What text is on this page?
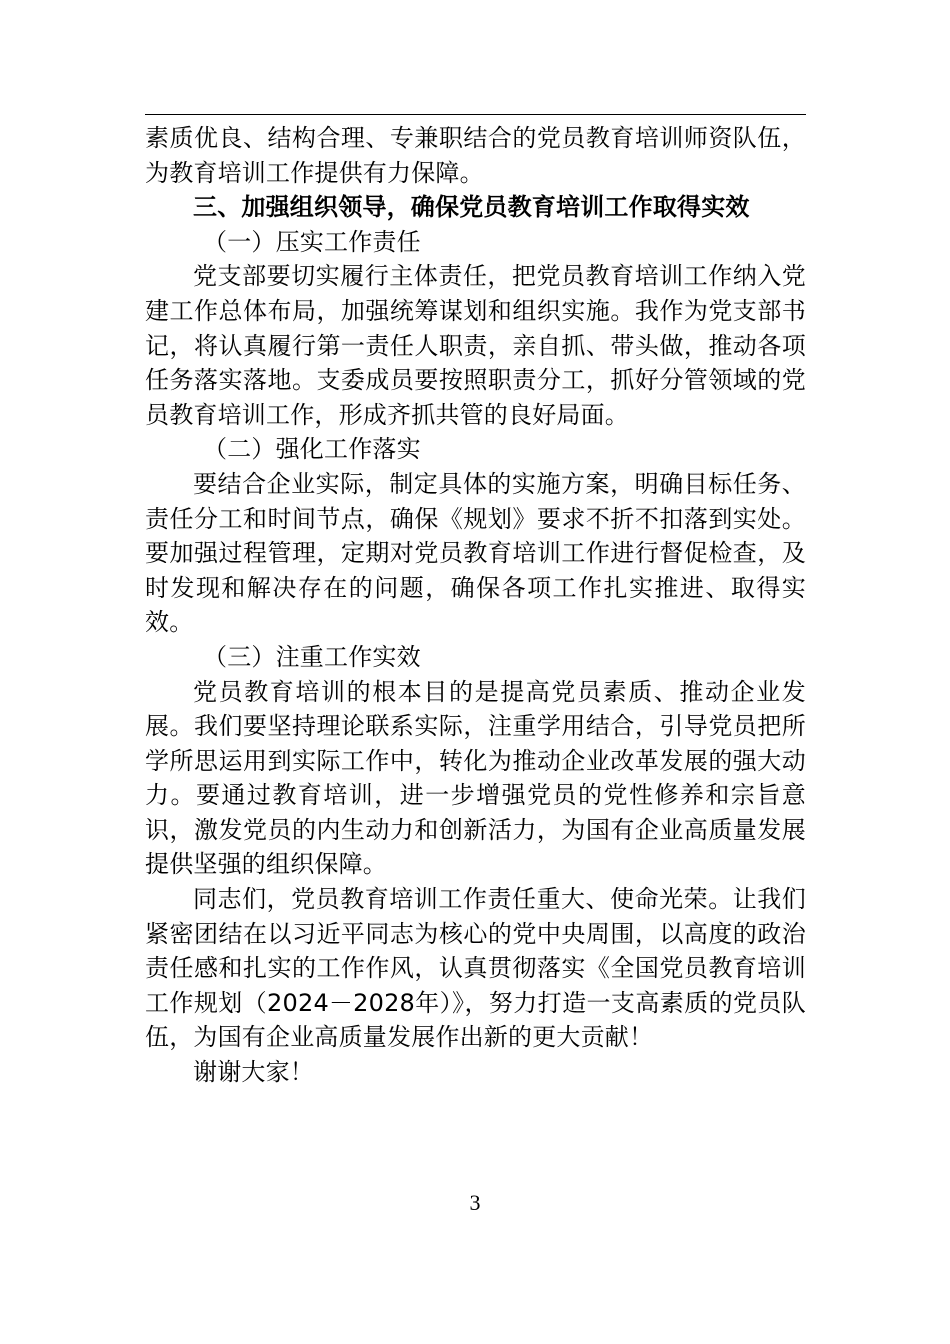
素质优良、结构合理、专兼职结合的党员教育培训师资队伍，为教育培训工作提供有力保障。

三、加强组织领导，确保党员教育培训工作取得实效

（一）压实工作责任

党支部要切实履行主体责任，把党员教育培训工作纳入党建工作总体布局，加强统筹谋划和组织实施。我作为党支部书记，将认真履行第一责任人职责，亲自抓、带头做，推动各项任务落实落地。支委成员要按照职责分工，抓好分管领域的党员教育培训工作，形成齐抓共管的良好局面。

（二）强化工作落实

要结合企业实际，制定具体的实施方案，明确目标任务、责任分工和时间节点，确保《规划》要求不折不扣落到实处。要加强过程管理，定期对党员教育培训工作进行督促检查，及时发现和解决存在的问题，确保各项工作扎实推进、取得实效。

（三）注重工作实效

党员教育培训的根本目的是提高党员素质、推动企业发展。我们要坚持理论联系实际，注重学用结合，引导党员把所学所思运用到实际工作中，转化为推动企业改革发展的强大动力。要通过教育培训，进一步增强党员的党性修养和宗旨意识，激发党员的内生动力和创新活力，为国有企业高质量发展提供坚强的组织保障。

同志们，党员教育培训工作责任重大、使命光荣。让我们紧密团结在以习近平同志为核心的党中央周围，以高度的政治责任感和扎实的工作作风，认真贯彻落实《全国党员教育培训工作规划（2024－2028年）》，努力打造一支高素质的党员队伍，为国有企业高质量发展作出新的更大贡献！

谢谢大家！

3
